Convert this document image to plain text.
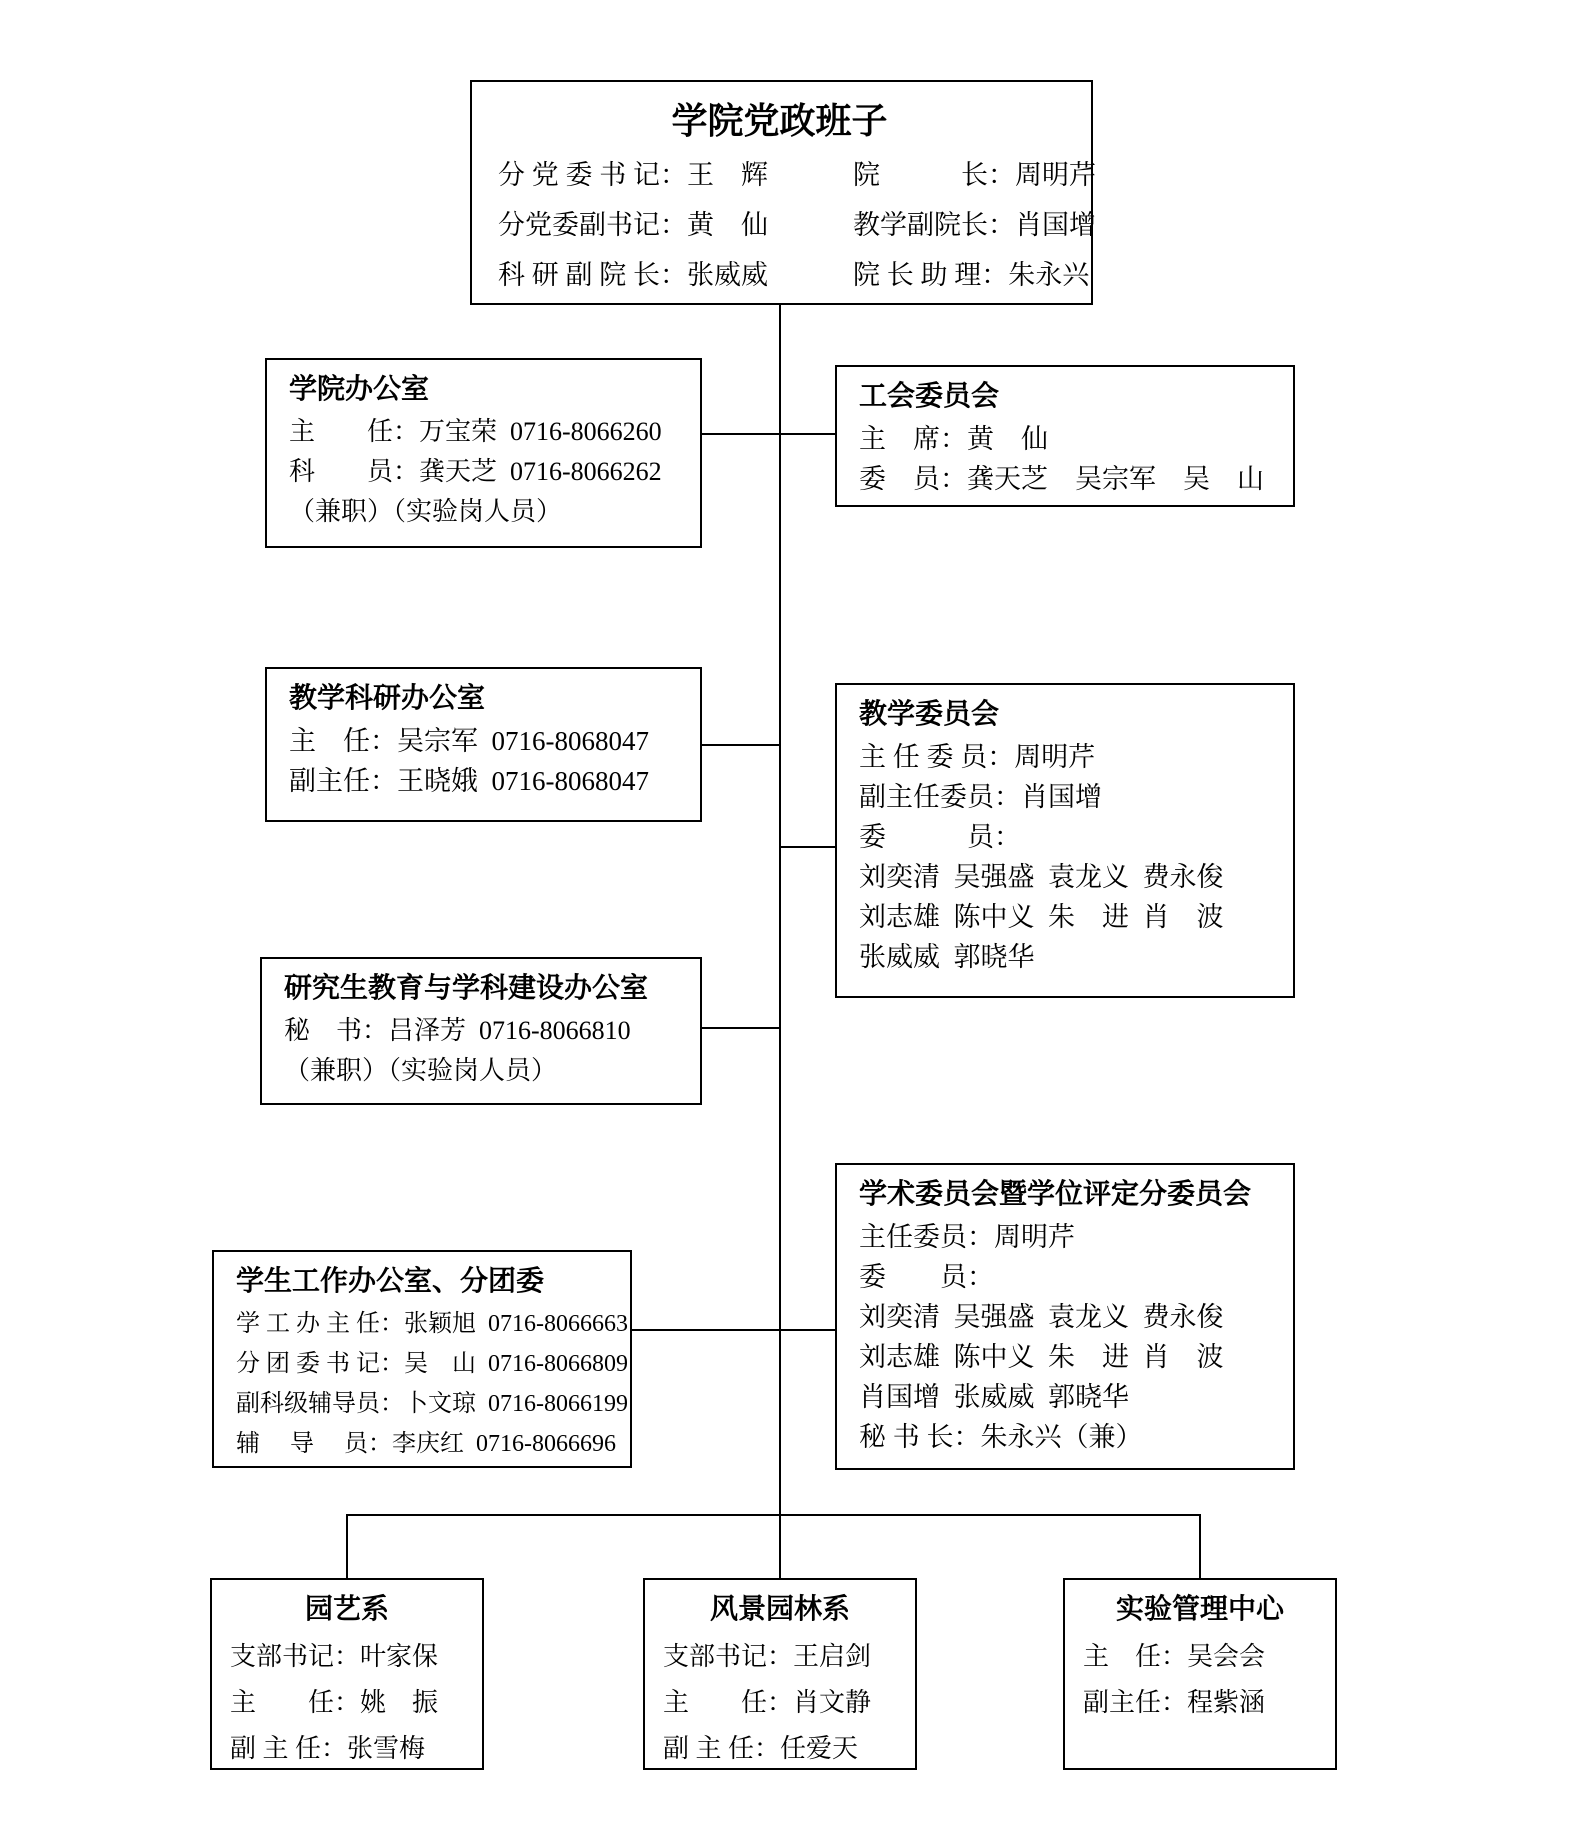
学院党政班子
分 党 委 书 记：王　辉	院　　　长：周明芹
分党委副书记：黄　仙	教学副院长：肖国增
科 研 副 院 长：张威威	院 长 助 理：朱永兴
学院办公室
主　　任：万宝荣  0716-8066260
科　　员：龚天芝  0716-8066262
（兼职）（实验岗人员）
工会委员会
主　席：黄　仙
委　员：龚天芝　吴宗军　吴　山
教学科研办公室
主　任：吴宗军  0716-8068047
副主任：王晓娥  0716-8068047
教学委员会
主 任 委 员：周明芹
副主任委员：肖国增
委　　　员：
刘奕清  吴强盛  袁龙义  费永俊
刘志雄  陈中义  朱　进  肖　波
张威威  郭晓华
研究生教育与学科建设办公室
秘　书：吕泽芳  0716-8066810
（兼职）（实验岗人员）
学术委员会暨学位评定分委员会
主任委员：周明芹
委　　员：
刘奕清  吴强盛  袁龙义  费永俊
刘志雄  陈中义  朱　进  肖　波
肖国增  张威威  郭晓华
秘 书 长：朱永兴（兼）
学生工作办公室、分团委
学 工 办 主 任：张颖旭  0716-8066663
分 团 委 书 记：吴　山  0716-8066809
副科级辅导员：卜文琼  0716-8066199
辅　 导　 员：李庆红  0716-8066696
园艺系
支部书记：叶家保
主　　任：姚　振
副 主 任：张雪梅
风景园林系
支部书记：王启剑
主　　任：肖文静
副 主 任：任爱天
实验管理中心
主　任：吴会会
副主任：程紫涵
